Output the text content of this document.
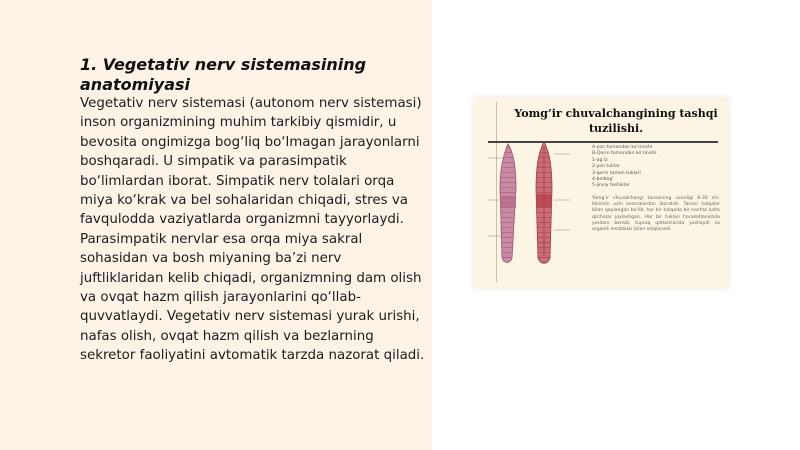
1. Vegetativ nerv sistemasining anatomiyasi

Vegetativ nerv sistemasi (autonom nerv sistemasi) inson organizmining muhim tarkibiy qismidir, u bevosita ongimizga bog‘liq bo‘lmagan jarayonlarni boshqaradi. U simpatik va parasimpatik bo‘limlardan iborat. Simpatik nerv tolalari orqa miya ko‘krak va bel sohalaridan chiqadi, stres va favqulodda vaziyatlarda organizmni tayyorlaydi. Parasimpatik nervlar esa orqa miya sakral sohasidan va bosh miyaning ba’zi nerv juftliklaridan kelib chiqadi, organizmning dam olish va ovqat hazm qilish jarayonlarini qo‘llab-quvvatlaydi. Vegetativ nerv sistemasi yurak urishi, nafas olish, ovqat hazm qilish va bezlarning sekretor faoliyatini avtomatik tarzda nazorat qiladi.

Yomg’ir chuvalchangining tashqi tuzilishi.
A-yon tomondan ko‘rinishi
B-Qorin tomondan ko‘rinishi
1-og‘iz
2-yon tuklar
3-qorin tomon tuklari
4-belbog‘
5-jinsiy teshiklar
Yomg’ir chuvalchangi tanasining uzunligi 8-30 sm. Ikkinchi uchi kesmalardan iboratdir. Tanasi halqalar bilan qoplangan bo‘lib, har bir halqada bir nechta kalta qilchalar joylashgan. Har bir tuklari harakatlanishda yordam beradi, tuproq qatlamlarida yashaydi va organik moddalar bilan oziqlanadi.
